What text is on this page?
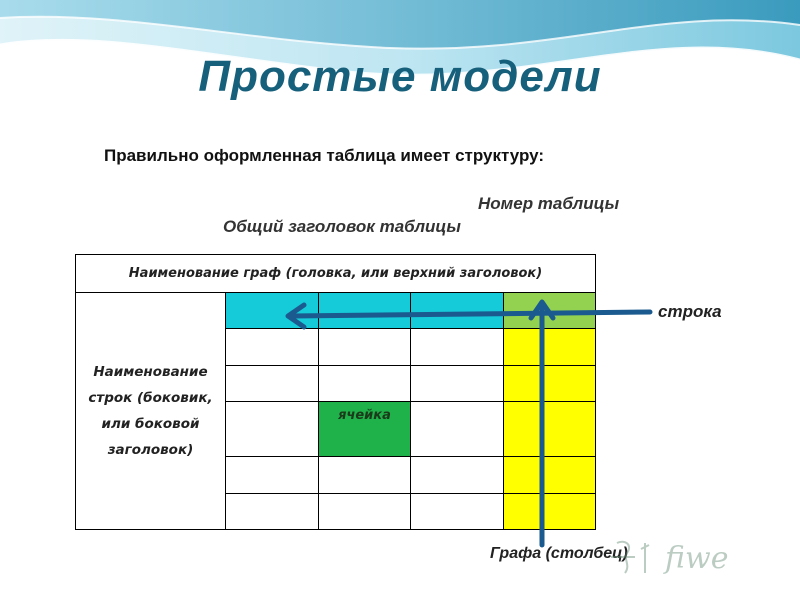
Простые модели
Правильно оформленная таблица имеет структуру:
Номер таблицы
Общий заголовок таблицы
Наименование граф (головка, или верхний заголовок)				
Наименование строк (боковик, или боковой заголовок)				

		ячейка		

строка
Графа (столбец) fiwe
